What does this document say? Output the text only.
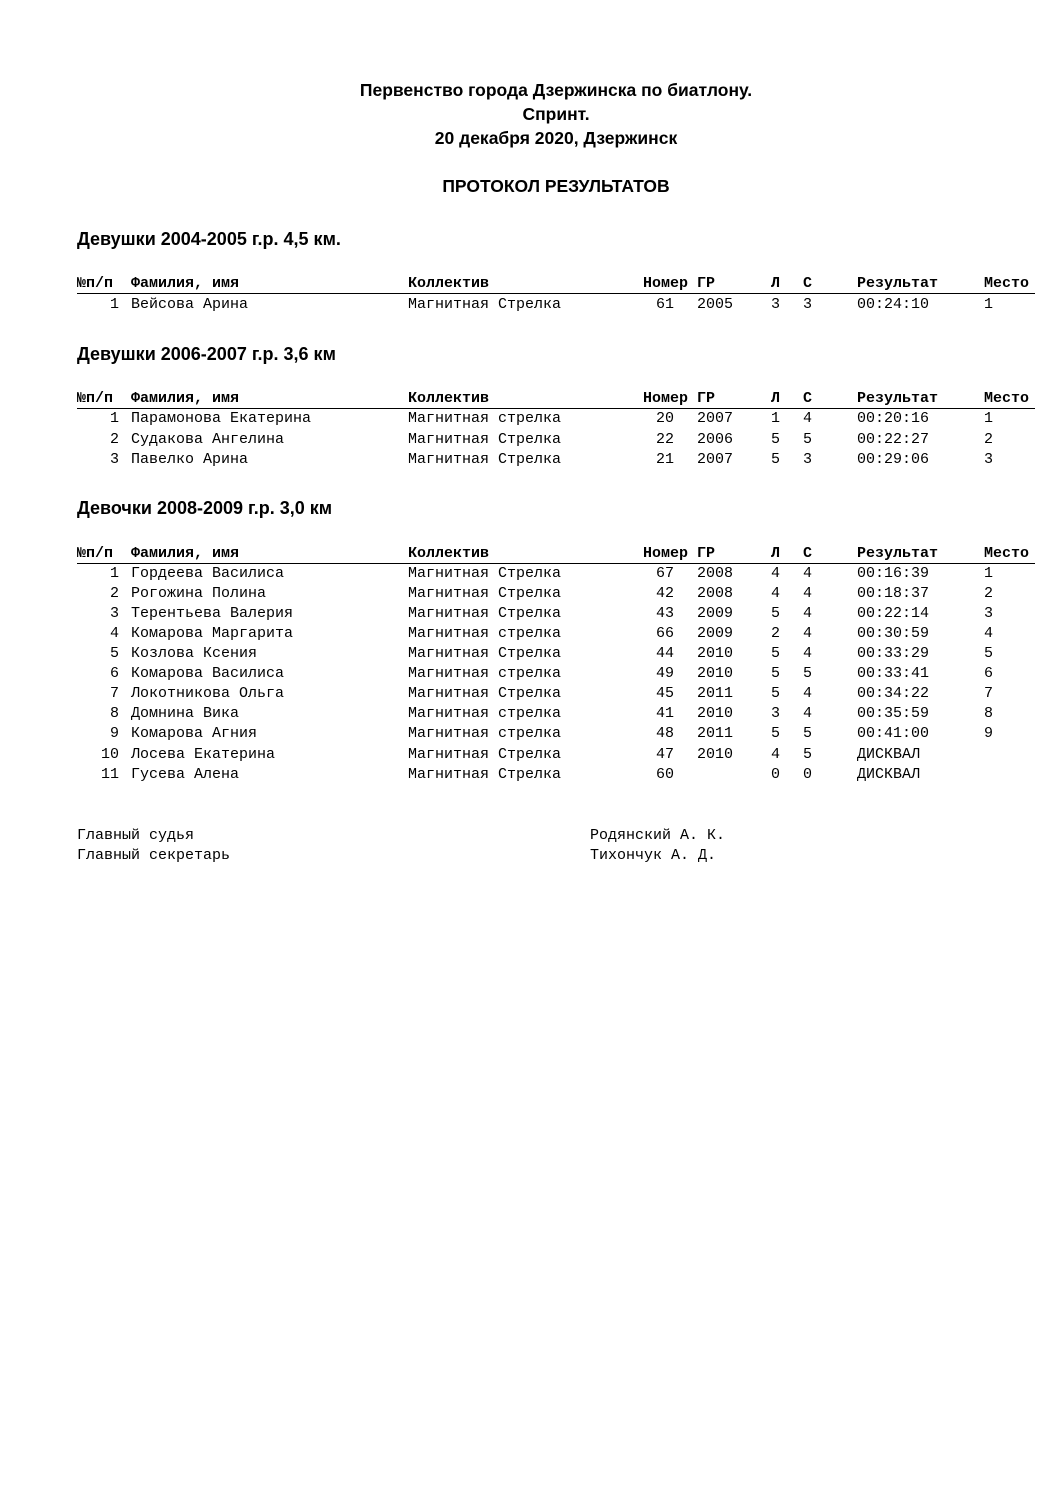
Первенство города Дзержинска по биатлону.
Спринт.
20 декабря 2020, Дзержинск
ПРОТОКОЛ РЕЗУЛЬТАТОВ
Девушки 2004-2005 г.р. 4,5 км.
№п/п Фамилия, имя	Коллектив	Номер ГР	Л С	Результат	Место
1 Вейсова Арина	Магнитная Стрелка	61 2005	3 3	00:24:10	1
Девушки 2006-2007 г.р. 3,6 км
№п/п Фамилия, имя	Коллектив	Номер ГР	Л С	Результат	Место
1 Парамонова Екатерина	Магнитная стрелка	20 2007	1 4	00:20:16	1
2 Судакова Ангелина	Магнитная Стрелка	22 2006	5 5	00:22:27	2
3 Павелко Арина	Магнитная Стрелка	21 2007	5 3	00:29:06	3
Девочки 2008-2009 г.р. 3,0 км
№п/п Фамилия, имя	Коллектив	Номер ГР	Л С	Результат	Место
1 Гордеева Василиса	Магнитная Стрелка	67 2008	4 4	00:16:39	1
2 Рогожина Полина	Магнитная Стрелка	42 2008	4 4	00:18:37	2
3 Терентьева Валерия	Магнитная Стрелка	43 2009	5 4	00:22:14	3
4 Комарова Маргарита	Магнитная стрелка	66 2009	2 4	00:30:59	4
5 Козлова Ксения	Магнитная Стрелка	44 2010	5 4	00:33:29	5
6 Комарова Василиса	Магнитная стрелка	49 2010	5 5	00:33:41	6
7 Локотникова Ольга	Магнитная Стрелка	45 2011	5 4	00:34:22	7
8 Домнина Вика	Магнитная стрелка	41 2010	3 4	00:35:59	8
9 Комарова Агния	Магнитная стрелка	48 2011	5 5	00:41:00	9
10 Лосева Екатерина	Магнитная Стрелка	47 2010	4 5	ДИСКВАЛ
11 Гусева Алена	Магнитная Стрелка	60	0 0	ДИСКВАЛ
Главный судья	Родянский А. К.
Главный секретарь	Тихончук А. Д.
